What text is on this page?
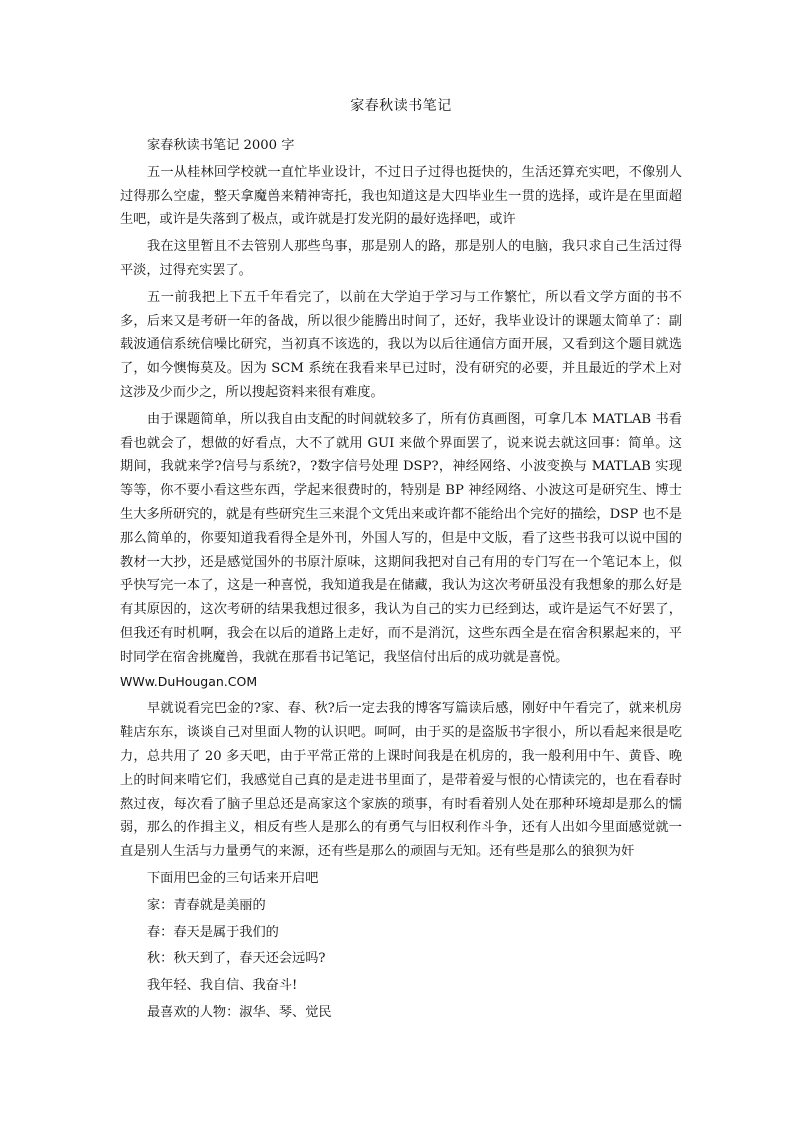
家春秋读书笔记
家春秋读书笔记 2000 字

五一从桂林回学校就一直忙毕业设计，不过日子过得也挺快的，生活还算充实吧，不像别人过得那么空虚，整天拿魔兽来精神寄托，我也知道这是大四毕业生一贯的选择，或许是在里面超生吧，或许是失落到了极点，或许就是打发光阴的最好选择吧，或许

我在这里暂且不去管别人那些鸟事，那是别人的路，那是别人的电脑，我只求自己生活过得平淡，过得充实罢了。

五一前我把上下五千年看完了，以前在大学迫于学习与工作繁忙，所以看文学方面的书不多，后来又是考研一年的备战，所以很少能腾出时间了，还好，我毕业设计的课题太简单了：副载波通信系统信噪比研究，当初真不该选的，我以为以后往通信方面开展，又看到这个题目就选了，如今懊悔莫及。因为 SCM 系统在我看来早已过时，没有研究的必要，并且最近的学术上对这涉及少而少之，所以搜起资料来很有难度。

由于课题简单，所以我自由支配的时间就较多了，所有仿真画图，可拿几本 MATLAB 书看看也就会了，想做的好看点，大不了就用 GUI 来做个界面罢了，说来说去就这回事：简单。这期间，我就来学?信号与系统?，?数字信号处理 DSP?，神经网络、小波变换与 MATLAB 实现等等，你不要小看这些东西，学起来很费时的，特别是 BP 神经网络、小波这可是研究生、博士生大多所研究的，就是有些研究生三来混个文凭出来或许都不能给出个完好的描绘，DSP 也不是那么简单的，你要知道我看得全是外刊，外国人写的，但是中文版，看了这些书我可以说中国的教材一大抄，还是感觉国外的书原汁原味，这期间我把对自己有用的专门写在一个笔记本上，似乎快写完一本了，这是一种喜悦，我知道我是在储藏，我认为这次考研虽没有我想象的那么好是有其原因的，这次考研的结果我想过很多，我认为自己的实力已经到达，或许是运气不好罢了，但我还有时机啊，我会在以后的道路上走好，而不是消沉，这些东西全是在宿舍积累起来的，平时同学在宿舍挑魔兽，我就在那看书记笔记，我坚信付出后的成功就是喜悦。

WWw.DuHougan.COM

早就说看完巴金的?家、春、秋?后一定去我的博客写篇读后感，刚好中午看完了，就来机房鞋店东东，谈谈自己对里面人物的认识吧。呵呵，由于买的是盗版书字很小，所以看起来很是吃力，总共用了 20 多天吧，由于平常正常的上课时间我是在机房的，我一般利用中午、黄昏、晚上的时间来啃它们，我感觉自己真的是走进书里面了，是带着爱与恨的心情读完的，也在看春时熬过夜，每次看了脑子里总还是高家这个家族的琐事，有时看着别人处在那种环境却是那么的懦弱，那么的作揖主义，相反有些人是那么的有勇气与旧权利作斗争，还有人出如今里面感觉就一直是别人生活与力量勇气的来源，还有些是那么的顽固与无知。还有些是那么的狼狈为奸

下面用巴金的三句话来开启吧
家：青春就是美丽的
春：春天是属于我们的
秋：秋天到了，春天还会远吗?
我年轻、我自信、我奋斗!
最喜欢的人物：淑华、琴、觉民
